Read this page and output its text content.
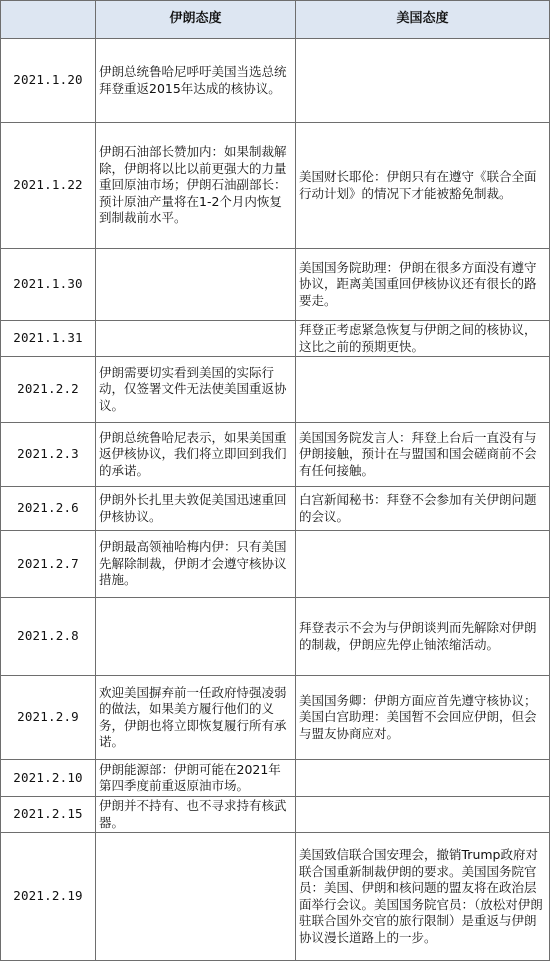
	伊朗态度	美国态度
2021.1.20	伊朗总统鲁哈尼呼吁美国当选总统拜登重返2015年达成的核协议。	
2021.1.22	伊朗石油部长赞加内：如果制裁解除，伊朗将以比以前更强大的力量重回原油市场；伊朗石油副部长：预计原油产量将在1-2个月内恢复到制裁前水平。	美国财长耶伦：伊朗只有在遵守《联合全面行动计划》的情况下才能被豁免制裁。
2021.1.30		美国国务院助理：伊朗在很多方面没有遵守协议，距离美国重回伊核协议还有很长的路要走。
2021.1.31		拜登正考虑紧急恢复与伊朗之间的核协议，这比之前的预期更快。
2021.2.2	伊朗需要切实看到美国的实际行动，仅签署文件无法使美国重返协议。	
2021.2.3	伊朗总统鲁哈尼表示，如果美国重返伊核协议，我们将立即回到我们的承诺。	美国国务院发言人：拜登上台后一直没有与伊朗接触，预计在与盟国和国会磋商前不会有任何接触。
2021.2.6	伊朗外长扎里夫敦促美国迅速重回伊核协议。	白宫新闻秘书：拜登不会参加有关伊朗问题的会议。
2021.2.7	伊朗最高领袖哈梅内伊：只有美国先解除制裁，伊朗才会遵守核协议措施。	
2021.2.8		拜登表示不会为与伊朗谈判而先解除对伊朗的制裁，伊朗应先停止铀浓缩活动。
2021.2.9	欢迎美国摒弃前一任政府恃强凌弱的做法，如果美方履行他们的义务，伊朗也将立即恢复履行所有承诺。	美国国务卿：伊朗方面应首先遵守核协议；美国白宫助理：美国暂不会回应伊朗，但会与盟友协商应对。
2021.2.10	伊朗能源部：伊朗可能在2021年第四季度前重返原油市场。	
2021.2.15	伊朗并不持有、也不寻求持有核武器。	
2021.2.19		美国致信联合国安理会，撤销Trump政府对联合国重新制裁伊朗的要求。美国国务院官员：美国、伊朗和核问题的盟友将在政治层面举行会议。美国国务院官员：（放松对伊朗驻联合国外交官的旅行限制）是重返与伊朗协议漫长道路上的一步。
